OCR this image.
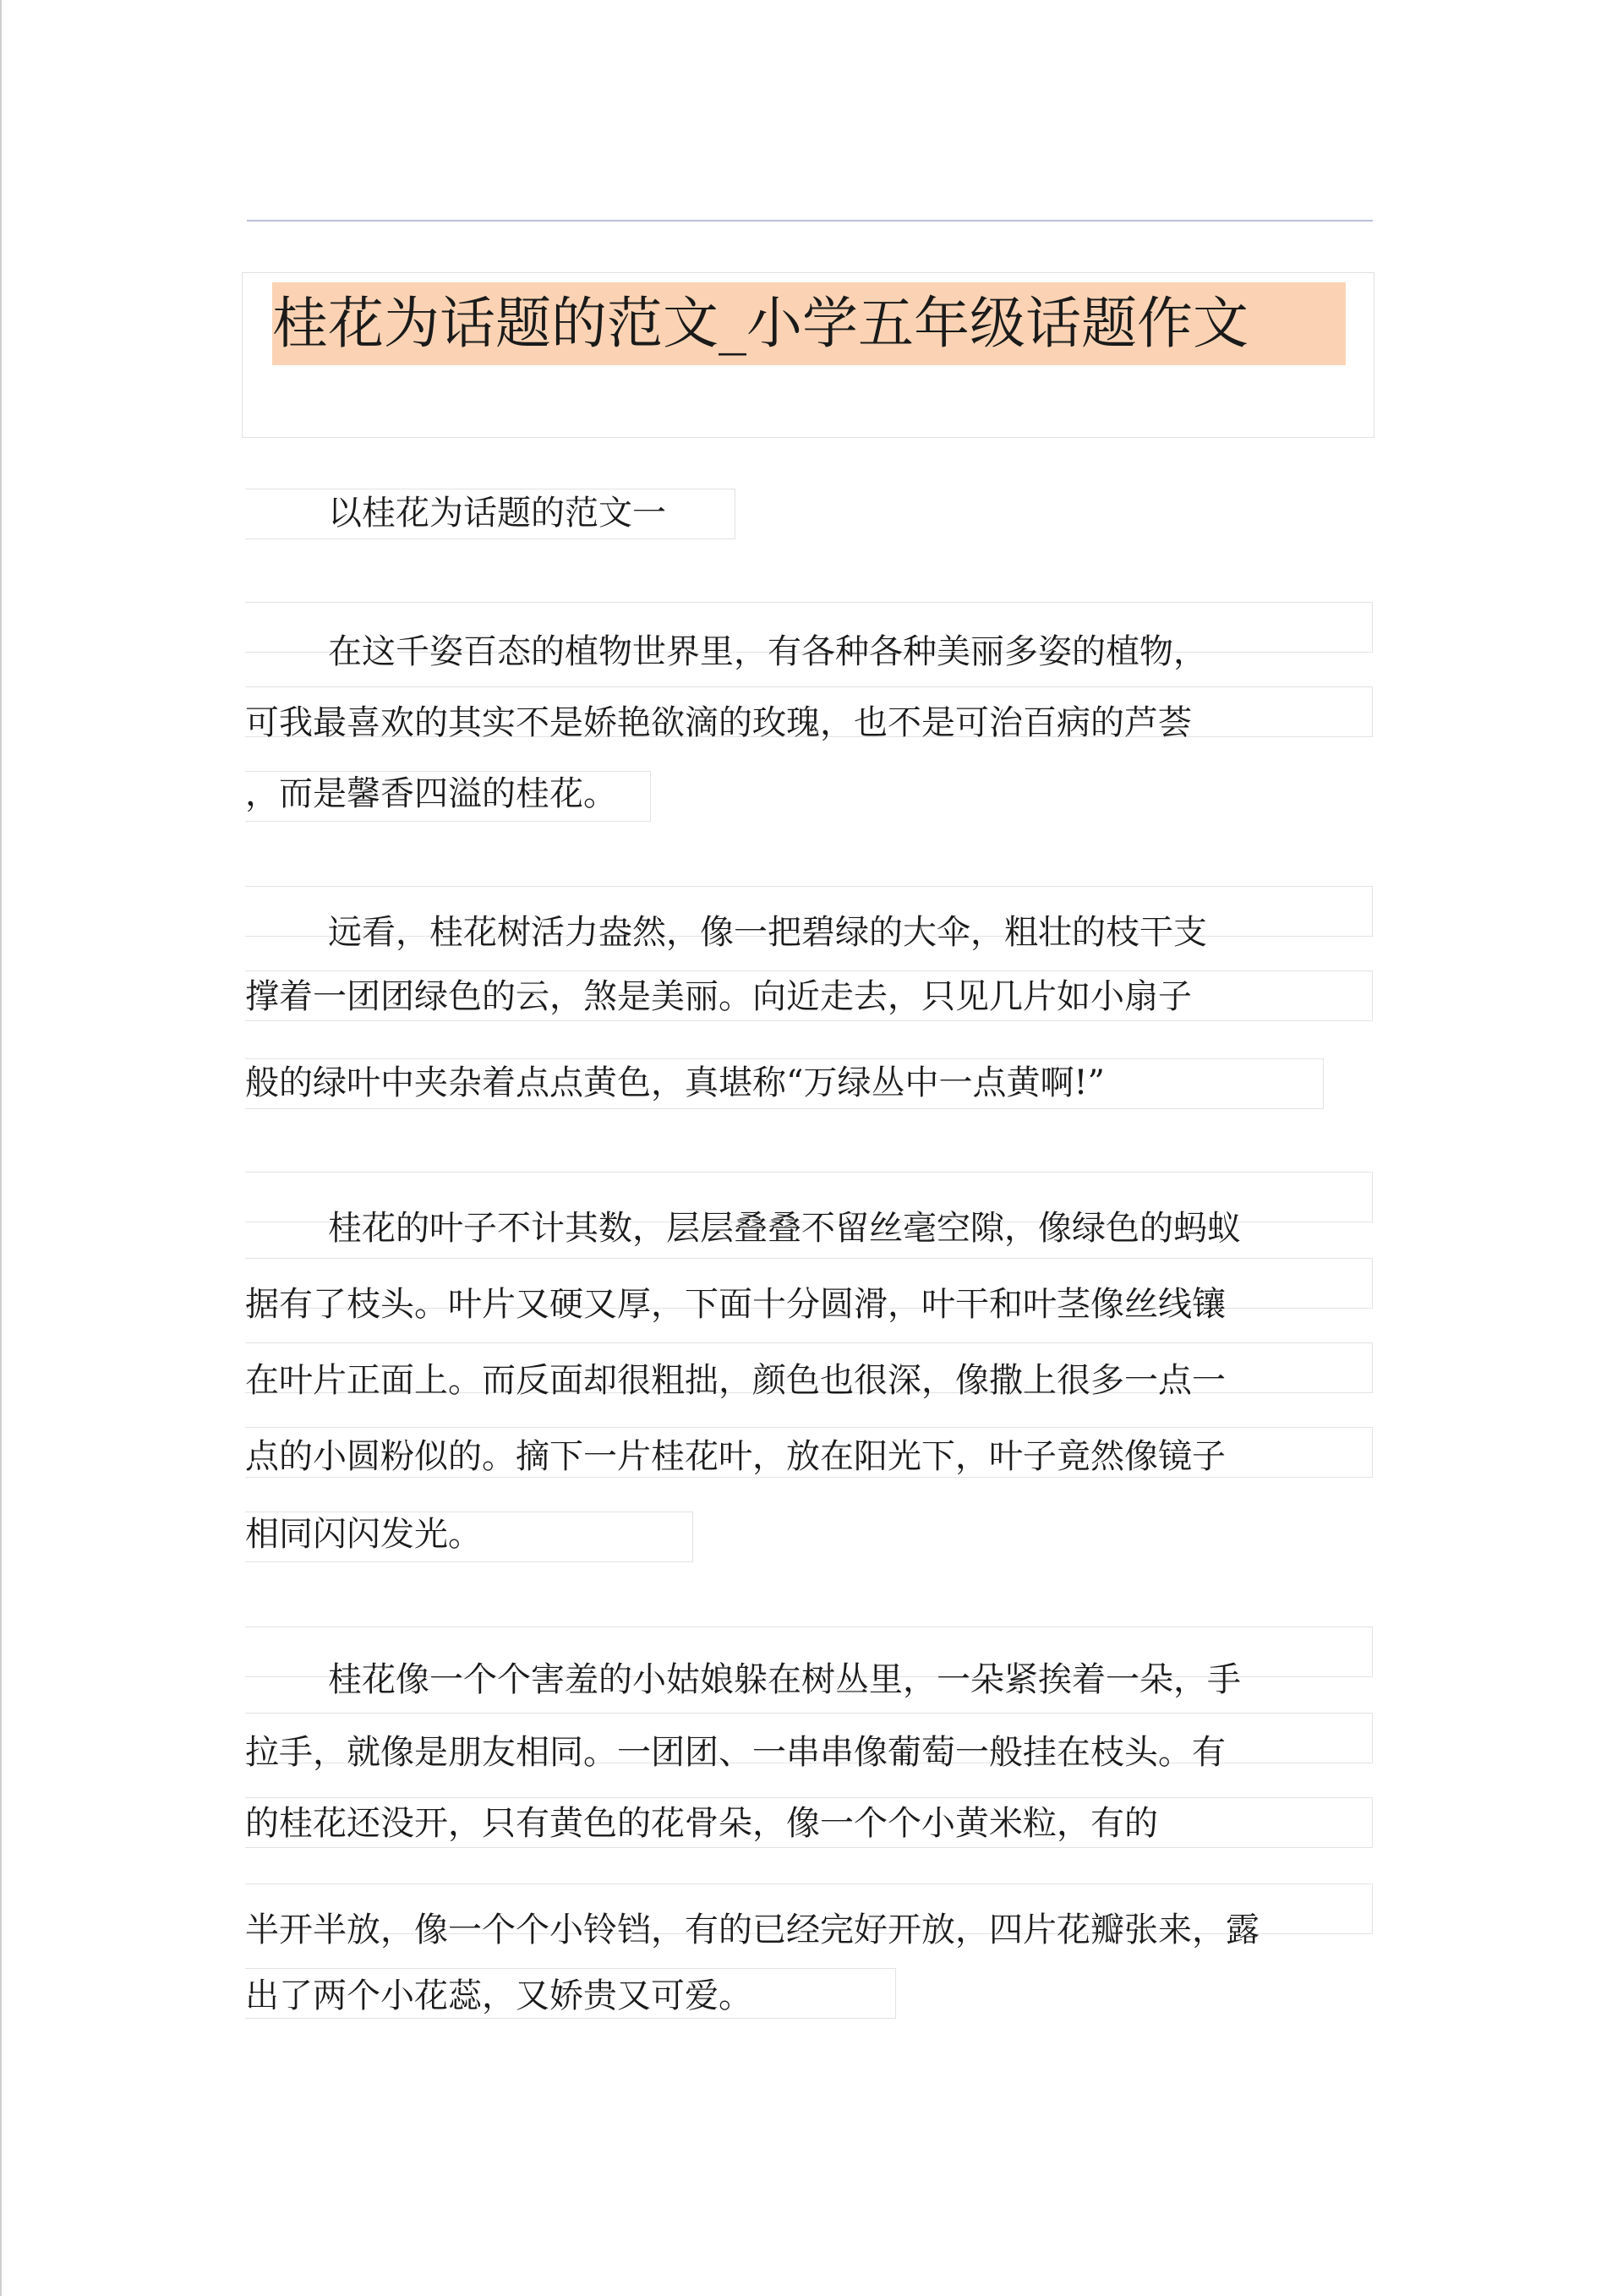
桂花为话题的范文_小学五年级话题作文
以桂花为话题的范文一
在这千姿百态的植物世界里，有各种各种美丽多姿的植物，
可我最喜欢的其实不是娇艳欲滴的玫瑰，也不是可治百病的芦荟
，而是馨香四溢的桂花。
远看，桂花树活力盎然，像一把碧绿的大伞，粗壮的枝干支
撑着一团团绿色的云，煞是美丽。向近走去，只见几片如小扇子
般的绿叶中夹杂着点点黄色，真堪称“万绿丛中一点黄啊!”
桂花的叶子不计其数，层层叠叠不留丝毫空隙，像绿色的蚂蚁
据有了枝头。叶片又硬又厚，下面十分圆滑，叶干和叶茎像丝线镶
在叶片正面上。而反面却很粗拙，颜色也很深，像撒上很多一点一
点的小圆粉似的。摘下一片桂花叶，放在阳光下，叶子竟然像镜子
相同闪闪发光。
桂花像一个个害羞的小姑娘躲在树丛里，一朵紧挨着一朵，手
拉手，就像是朋友相同。一团团、一串串像葡萄一般挂在枝头。有
的桂花还没开，只有黄色的花骨朵，像一个个小黄米粒，有的
半开半放，像一个个小铃铛，有的已经完好开放，四片花瓣张来，露
出了两个小花蕊，又娇贵又可爱。
